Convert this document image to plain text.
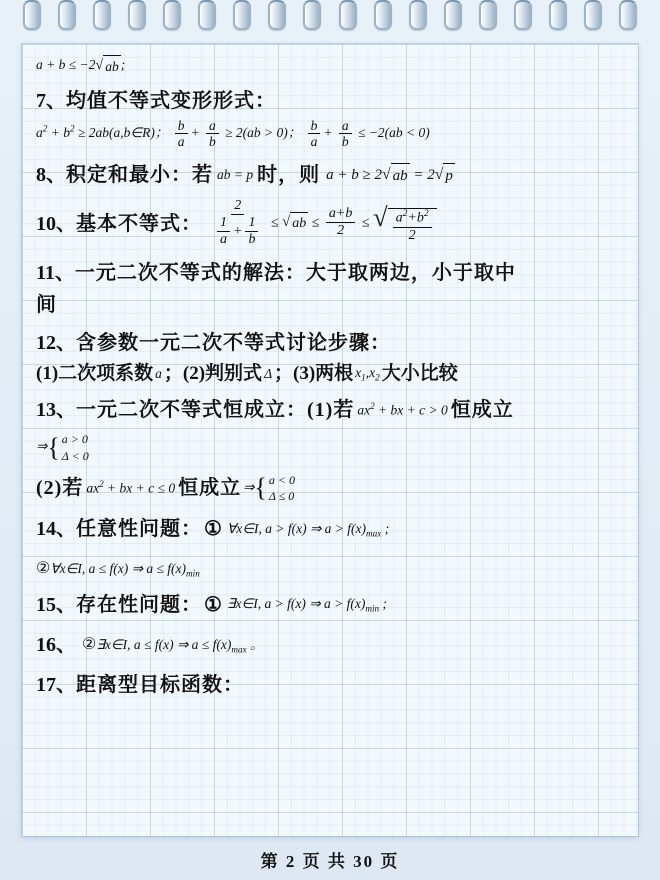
a + b ≤ −2 √ ab ;
7、均值不等式变形形式：
$a^2 + b^2$ ≥ 2ab(a,b∈R)； $\frac{b}{a} + \frac{a}{b} \ge 2(ab > 0)$； $\frac{b}{a} + \frac{a}{b} \le -2(ab < 0)$
8、积定和最小：若 ab = p 时，则 a + b ≥ 2 √ ab = 2 √ p
10、基本不等式： $\frac{2}{\frac{1}{a} + \frac{1}{b}}$ ≤ √ ab ≤ $\frac{a+b}{2}$ ≤ √ $\frac{a^2+b^2}{2}$
11、一元二次不等式的解法：大于取两边，小于取中
间
12、含参数一元二次不等式讨论步骤：
(1)二次项系数 a ；(2)判别式 Δ ；(3)两根 $x_1,x_2$ 大小比较
13、一元二次不等式恒成立：(1)若 $ax^2$ + bx + c > 0 恒成立
⇒ { a > 0
Δ < 0
(2)若 $ax^2$ + bx + c ≤ 0 恒成立 ⇒ { a < 0
Δ ≤ 0
14、任意性问题： ① ∀x∈I, a > f(x) ⇒ $a > f(x)_{max}$ ;
②∀x∈I, a ≤ f(x) ⇒ $a \le f(x)_{min}$
15、存在性问题： ① ∃x∈I, a > f(x) ⇒ $a > f(x)_{min}$ ;
16、 ②∃x∈I, a ≤ f(x) ⇒ $a \le f(x)_{max}$ 。
17、距离型目标函数：
第 2 页 共 30 页
